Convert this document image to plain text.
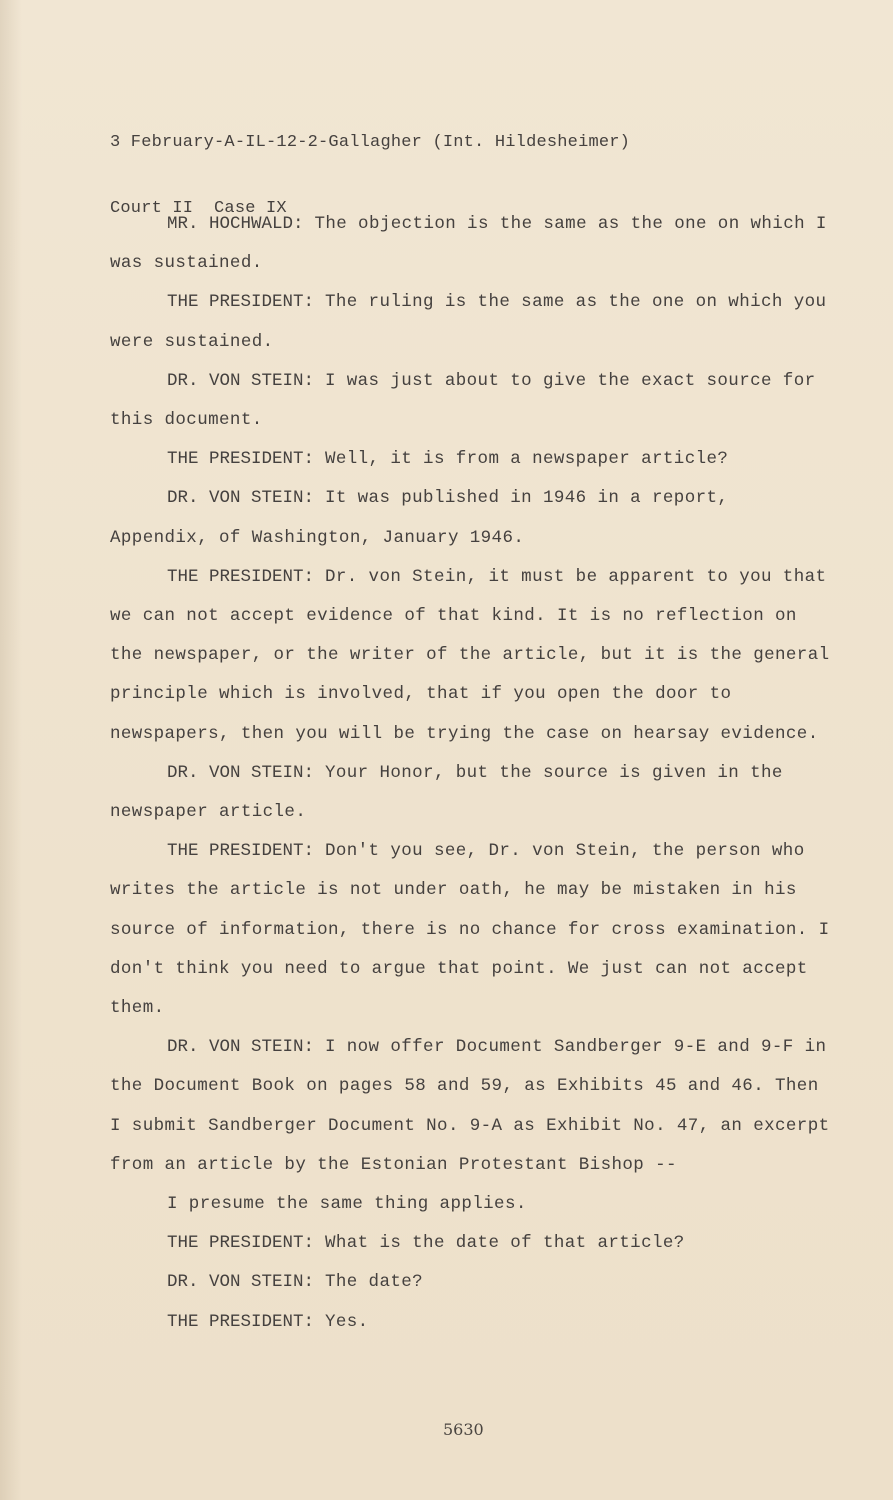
3 February-A-IL-12-2-Gallagher (Int. Hildesheimer)

Court II  Case IX

MR. HOCHWALD: The objection is the same as the one on which I was sustained.

THE PRESIDENT: The ruling is the same as the one on which you were sustained.

DR. VON STEIN: I was just about to give the exact source for this document.

THE PRESIDENT: Well, it is from a newspaper article?

DR. VON STEIN: It was published in 1946 in a report, Appendix, of Washington, January 1946.

THE PRESIDENT: Dr. von Stein, it must be apparent to you that we can not accept evidence of that kind. It is no reflection on the newspaper, or the writer of the article, but it is the general principle which is involved, that if you open the door to newspapers, then you will be trying the case on hearsay evidence.

DR. VON STEIN: Your Honor, but the source is given in the newspaper article.

THE PRESIDENT: Don't you see, Dr. von Stein, the person who writes the article is not under oath, he may be mistaken in his source of information, there is no chance for cross examination. I don't think you need to argue that point. We just can not accept them.

DR. VON STEIN: I now offer Document Sandberger 9-E and 9-F in the Document Book on pages 58 and 59, as Exhibits 45 and 46. Then I submit Sandberger Document No. 9-A as Exhibit No. 47, an excerpt from an article by the Estonian Protestant Bishop --

I presume the same thing applies.

THE PRESIDENT: What is the date of that article?

DR. VON STEIN: The date?

THE PRESIDENT: Yes.

5630
